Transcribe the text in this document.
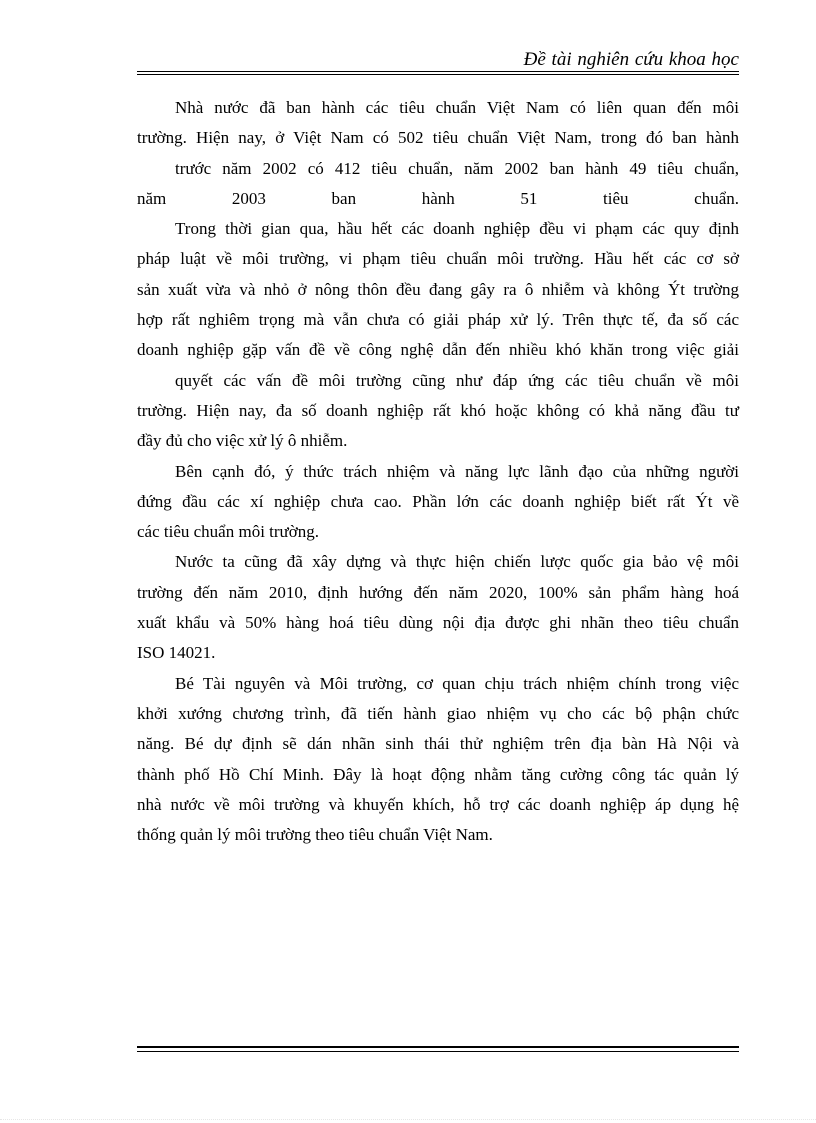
Đề tài nghiên cứu khoa học
Nhà nước đã ban hành các tiêu chuẩn Việt Nam có liên quan đến môi
trường. Hiện nay, ở Việt Nam có 502 tiêu chuẩn Việt Nam, trong đó ban hành
trước năm 2002 có 412 tiêu chuẩn, năm 2002 ban hành 49 tiêu chuẩn,
năm 2003 ban hành 51 tiêu chuẩn.
Trong thời gian qua, hầu hết các doanh nghiệp đều vi phạm các quy định
pháp luật về môi trường, vi phạm tiêu chuẩn môi trường. Hầu hết các cơ sở
sản xuất vừa và nhỏ ở nông thôn đều đang gây ra ô nhiễm và không Ýt trường
hợp rất nghiêm trọng mà vẫn chưa có giải pháp xử lý. Trên thực tế, đa số các
doanh nghiệp gặp vấn đề về công nghệ dẫn đến nhiều khó khăn trong việc giải
quyết các vấn đề môi trường cũng như đáp ứng các tiêu chuẩn về môi
trường. Hiện nay, đa số doanh nghiệp rất khó hoặc không có khả năng đầu tư
đầy đủ cho việc xử lý ô nhiễm.
Bên cạnh đó, ý thức trách nhiệm và năng lực lãnh đạo của những người
đứng đầu các xí nghiệp chưa cao. Phần lớn các doanh nghiệp biết rất Ýt về
các tiêu chuẩn môi trường.
Nước ta cũng đã xây dựng và thực hiện chiến lược quốc gia bảo vệ môi
trường đến năm 2010, định hướng đến năm 2020, 100% sản phẩm hàng hoá
xuất khẩu và 50% hàng hoá tiêu dùng nội địa được ghi nhãn theo tiêu chuẩn
ISO 14021.
Bé Tài nguyên và Môi trường, cơ quan chịu trách nhiệm chính trong việc
khởi xướng chương trình, đã tiến hành giao nhiệm vụ cho các bộ phận chức
năng. Bé dự định sẽ dán nhãn sinh thái thử nghiệm trên địa bàn Hà Nội và
thành phố Hồ Chí Minh. Đây là hoạt động nhằm tăng cường công tác quản lý
nhà nước về môi trường và khuyến khích, hỗ trợ các doanh nghiệp áp dụng hệ
thống quản lý môi trường theo tiêu chuẩn Việt Nam.
